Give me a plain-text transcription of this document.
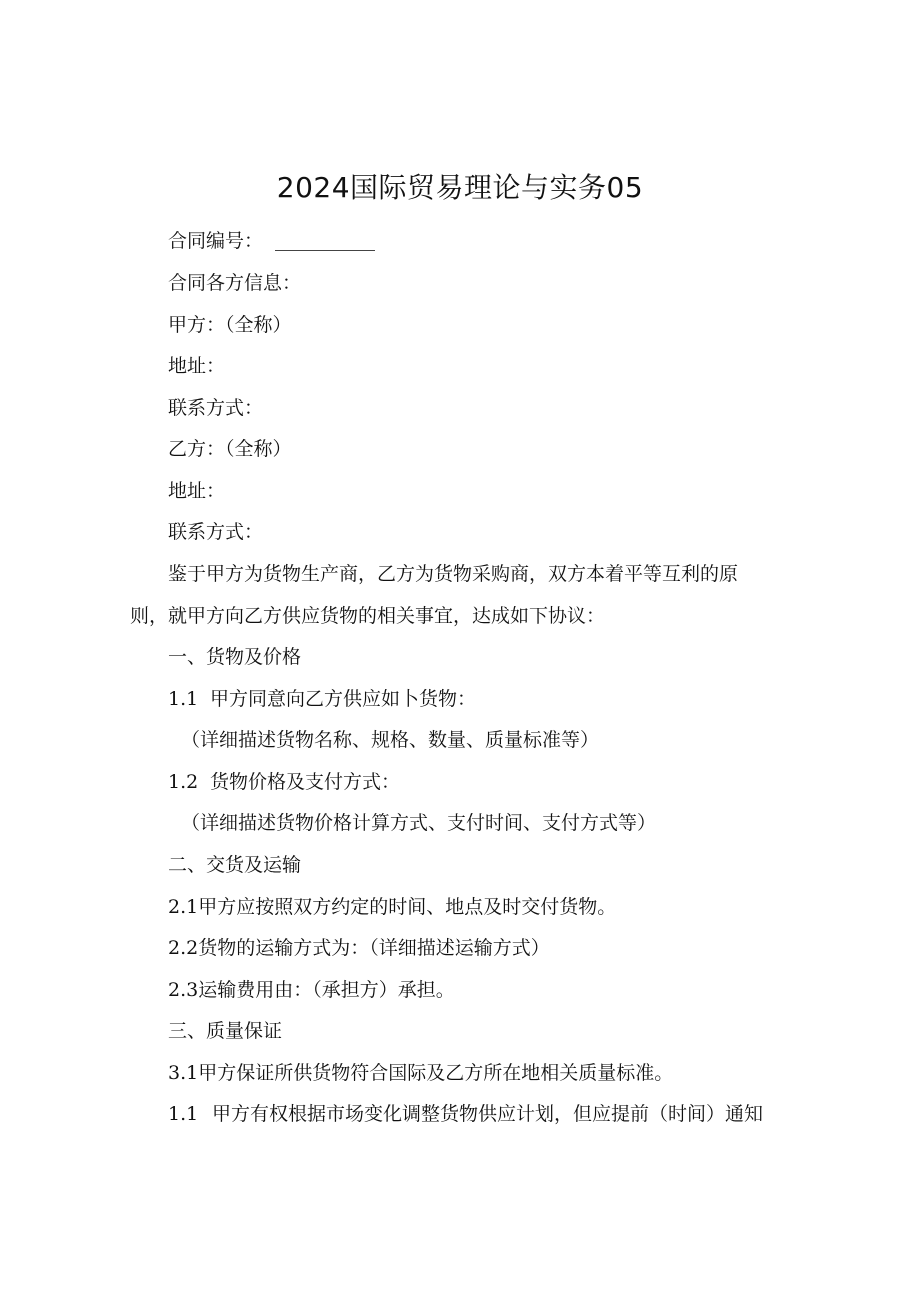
2024国际贸易理论与实务05

合同编号：

合同各方信息：

甲方：（全称）

地址：

联系方式：

乙方：（全称）

地址：

联系方式：

鉴于甲方为货物生产商，乙方为货物采购商，双方本着平等互利的原

则，就甲方向乙方供应货物的相关事宜，达成如下协议：

一、货物及价格

1.1 甲方同意向乙方供应如卜货物：

（详细描述货物名称、规格、数量、质量标准等）

1.2 货物价格及支付方式：

（详细描述货物价格计算方式、支付时间、支付方式等）

二、交货及运输

2.1甲方应按照双方约定的时间、地点及时交付货物。

2.2货物的运输方式为：（详细描述运输方式）

2.3运输费用由：（承担方）承担。

三、质量保证

3.1甲方保证所供货物符合国际及乙方所在地相关质量标准。

1.1 甲方有权根据市场变化调整货物供应计划，但应提前（时间）通知
